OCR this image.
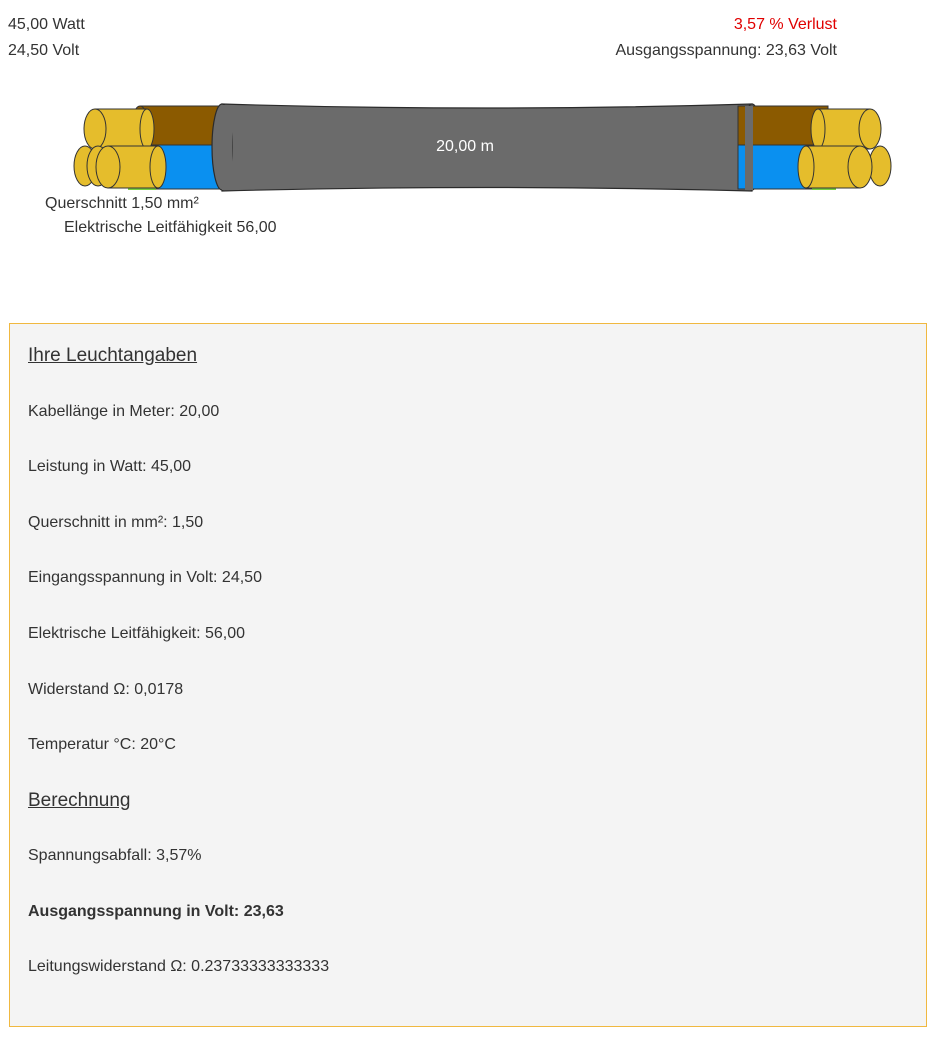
45,00 Watt
24,50 Volt
3,57 % Verlust
Ausgangsspannung: 23,63 Volt
20,00 m
Querschnitt 1,50 mm²
Elektrische Leitfähigkeit 56,00
Ihre Leuchtangaben
Kabellänge in Meter: 20,00
Leistung in Watt: 45,00
Querschnitt in mm²: 1,50
Eingangsspannung in Volt: 24,50
Elektrische Leitfähigkeit: 56,00
Widerstand Ω: 0,0178
Temperatur °C: 20°C
Berechnung
Spannungsabfall: 3,57%
Ausgangsspannung in Volt: 23,63
Leitungswiderstand Ω: 0.23733333333333
